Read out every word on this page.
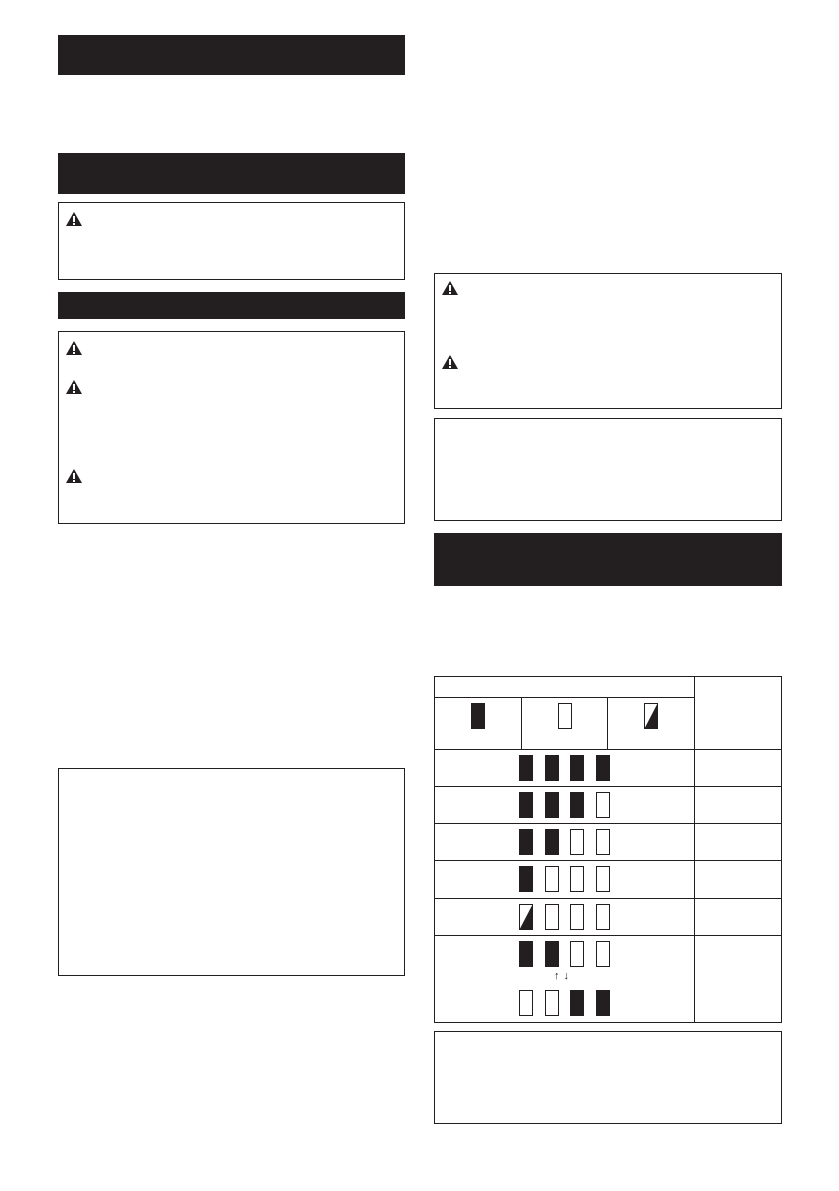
↑↓
